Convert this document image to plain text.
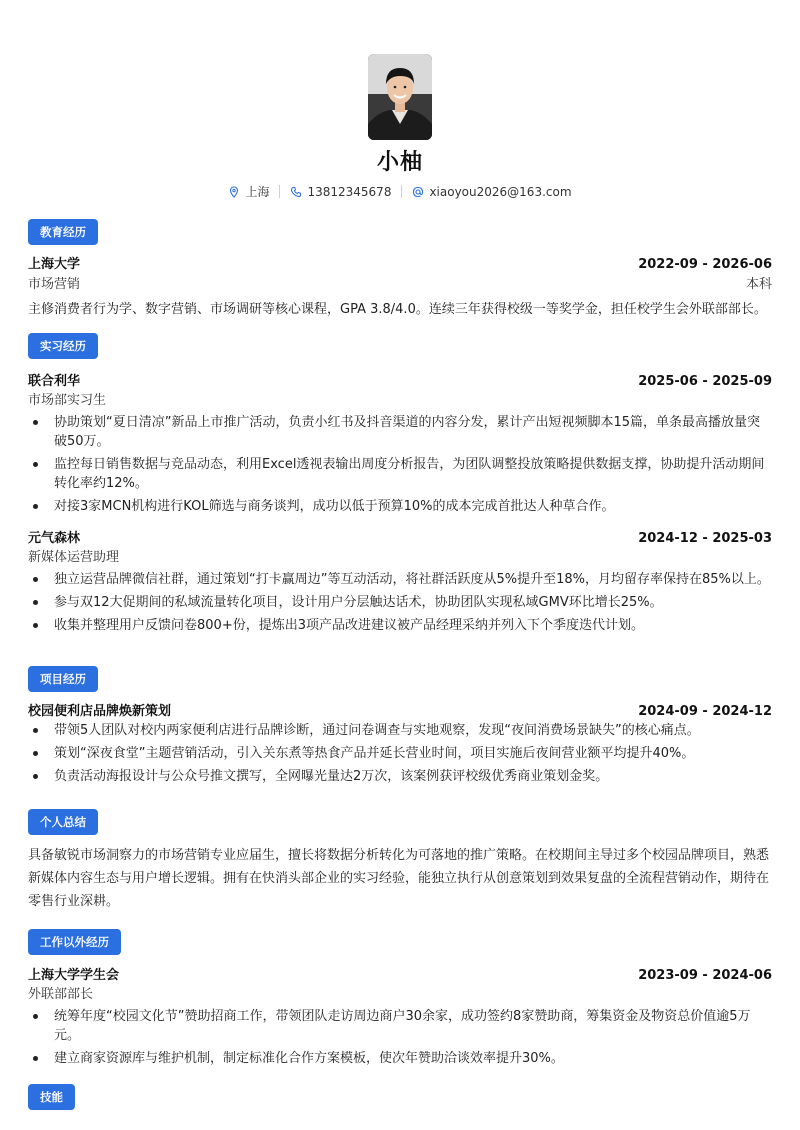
小柚
上海	13812345678	xiaoyou2026@163.com
教育经历
上海大学	2022-09 - 2026-06
市场营销	本科
主修消费者行为学、数字营销、市场调研等核心课程，GPA 3.8/4.0。连续三年获得校级一等奖学金，担任校学生会外联部部长。
实习经历
联合利华	2025-06 - 2025-09
市场部实习生
协助策划“夏日清凉”新品上市推广活动，负责小红书及抖音渠道的内容分发，累计产出短视频脚本15篇，单条最高播放量突破50万。
监控每日销售数据与竞品动态，利用Excel透视表输出周度分析报告，为团队调整投放策略提供数据支撑，协助提升活动期间转化率约12%。
对接3家MCN机构进行KOL筛选与商务谈判，成功以低于预算10%的成本完成首批达人种草合作。
元气森林	2024-12 - 2025-03
新媒体运营助理
独立运营品牌微信社群，通过策划“打卡赢周边”等互动活动，将社群活跃度从5%提升至18%，月均留存率保持在85%以上。
参与双12大促期间的私域流量转化项目，设计用户分层触达话术，协助团队实现私域GMV环比增长25%。
收集并整理用户反馈问卷800+份，提炼出3项产品改进建议被产品经理采纳并列入下个季度迭代计划。
项目经历
校园便利店品牌焕新策划	2024-09 - 2024-12
带领5人团队对校内两家便利店进行品牌诊断，通过问卷调查与实地观察，发现“夜间消费场景缺失”的核心痛点。
策划“深夜食堂”主题营销活动，引入关东煮等热食产品并延长营业时间，项目实施后夜间营业额平均提升40%。
负责活动海报设计与公众号推文撰写，全网曝光量达2万次，该案例获评校级优秀商业策划金奖。
个人总结
具备敏锐市场洞察力的市场营销专业应届生，擅长将数据分析转化为可落地的推广策略。在校期间主导过多个校园品牌项目，熟悉新媒体内容生态与用户增长逻辑。拥有在快消头部企业的实习经验，能独立执行从创意策划到效果复盘的全流程营销动作，期待在零售行业深耕。
工作以外经历
上海大学学生会	2023-09 - 2024-06
外联部部长
统筹年度“校园文化节”赞助招商工作，带领团队走访周边商户30余家，成功签约8家赞助商，筹集资金及物资总价值逾5万元。
建立商家资源库与维护机制，制定标准化合作方案模板，使次年赞助洽谈效率提升30%。
技能
